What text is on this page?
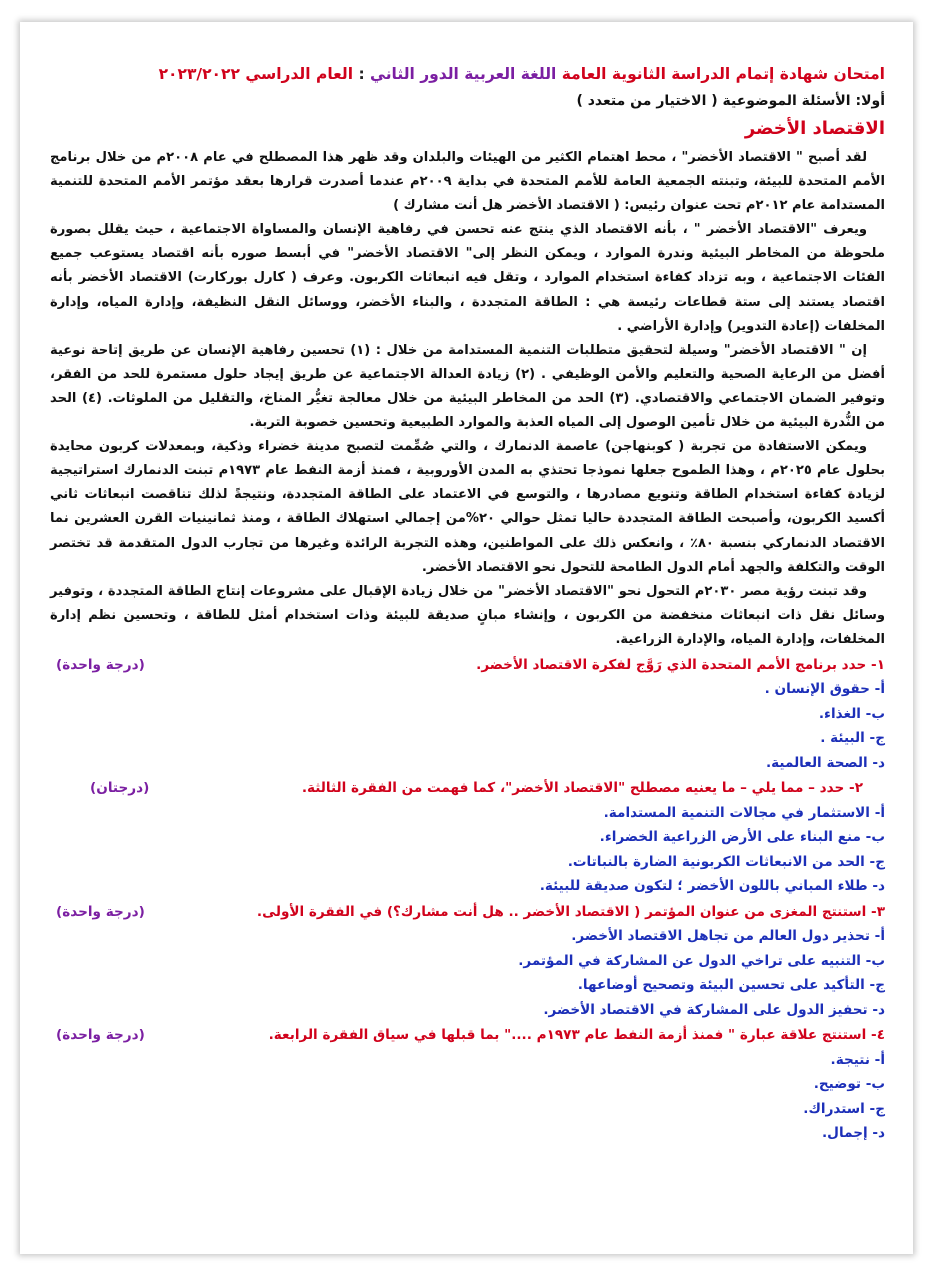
امتحان شهادة إتمام الدراسة الثانوية العامة اللغة العربية الدور الثاني : العام الدراسي ٢٠٢٣/٢٠٢٢
أولا: الأسئلة الموضوعية ( الاختيار من متعدد )
الاقتصاد الأخضر

لقد أصبح " الاقتصاد الأخضر" ، محط اهتمام الكثير من الهيئات والبلدان وقد ظهر هذا المصطلح في عام ٢٠٠٨م من خلال برنامج الأمم المتحدة للبيئة، وتبنته الجمعية العامة للأمم المتحدة في بداية ٢٠٠٩م عندما أصدرت قرارها بعقد مؤتمر الأمم المتحدة للتنمية المستدامة عام ٢٠١٢م تحت عنوان رئيس: ( الاقتصاد الأخضر هل أنت مشارك )

ويعرف "الاقتصاد الأخضر " ، بأنه الاقتصاد الذي ينتج عنه تحسن في رفاهية الإنسان والمساواة الاجتماعية ، حيث يقلل بصورة ملحوظة من المخاطر البيئية وندرة الموارد ، ويمكن النظر إلى" الاقتصاد الأخضر" في أبسط صوره بأنه اقتصاد يستوعب جميع الفئات الاجتماعية ، وبه تزداد كفاءة استخدام الموارد ، وتقل فيه انبعاثات الكربون. وعرف ( كارل بوركارت) الاقتصاد الأخضر بأنه اقتصاد يستند إلى ستة قطاعات رئيسة هي : الطاقة المتجددة ، والبناء الأخضر، ووسائل النقل النظيفة، وإدارة المياه، وإدارة المخلفات (إعادة التدوير) وإدارة الأراضي .

إن " الاقتصاد الأخضر" وسيلة لتحقيق متطلبات التنمية المستدامة من خلال : (١) تحسين رفاهية الإنسان عن طريق إتاحة نوعية أفضل من الرعاية الصحية والتعليم والأمن الوظيفي . (٢) زيادة العدالة الاجتماعية عن طريق إيجاد حلول مستمرة للحد من الفقر، وتوفير الضمان الاجتماعي والاقتصادي. (٣) الحد من المخاطر البيئية من خلال معالجة تغيُّر المناخ، والتقليل من الملوثات. (٤) الحد من النُّدرة البيئية من خلال تأمين الوصول إلى المياه العذبة والموارد الطبيعية وتحسين خصوبة التربة.

ويمكن الاستفادة من تجربة ( كوبنهاجن) عاصمة الدنمارك ، والتي صُمِّمت لتصبح مدينة خضراء وذكية، وبمعدلات كربون محايدة بحلول عام ٢٠٢٥م ، وهذا الطموح جعلها نموذجا تحتذي به المدن الأوروبية ، فمنذ أزمة النفط عام ١٩٧٣م تبنت الدنمارك استراتيجية لزيادة كفاءة استخدام الطاقة وتنويع مصادرها ، والتوسع في الاعتماد على الطاقة المتجددة، ونتيجةً لذلك تناقصت انبعاثات ثاني أكسيد الكربون، وأصبحت الطاقة المتجددة حاليا تمثل حوالي ٢٠%من إجمالي استهلاك الطاقة ، ومنذ ثمانينيات القرن العشرين نما الاقتصاد الدنماركي بنسبة ٨٠٪ ، وانعكس ذلك على المواطنين، وهذه التجربة الرائدة وغيرها من تجارب الدول المتقدمة قد تختصر الوقت والتكلفة والجهد أمام الدول الطامحة للتحول نحو الاقتصاد الأخضر.

وقد تبنت رؤية مصر ٢٠٣٠م التحول نحو "الاقتصاد الأخضر" من خلال زيادة الإقبال على مشروعات إنتاج الطاقة المتجددة ، وتوفير وسائل نقل ذات انبعاثات منخفضة من الكربون ، وإنشاء مبانٍ صديقة للبيئة وذات استخدام أمثل للطاقة ، وتحسين نظم إدارة المخلفات، وإدارة المياه، والإدارة الزراعية.

١- حدد برنامج الأمم المتحدة الذي رَوَّج لفكرة الاقتصاد الأخضر.
(درجة واحدة)
أ- حقوق الإنسان .
ب- الغذاء.
ج- البيئة .
د- الصحة العالمية.
٢- حدد – مما يلي – ما يعنيه مصطلح "الاقتصاد الأخضر"، كما فهمت من الفقرة الثالثة.
(درجتان)
أ- الاستثمار في مجالات التنمية المستدامة.
ب- منع البناء على الأرض الزراعية الخضراء.
ج- الحد من الانبعاثات الكربونية الضارة بالنباتات.
د- طلاء المباني باللون الأخضر ؛ لتكون صديقة للبيئة.
٣- استنتج المغزى من عنوان المؤتمر ( الاقتصاد الأخضر .. هل أنت مشارك؟) في الفقرة الأولى.
(درجة واحدة)
أ- تحذير دول العالم من تجاهل الاقتصاد الأخضر.
ب- التنبيه على تراخي الدول عن المشاركة في المؤتمر.
ج- التأكيد على تحسين البيئة وتصحيح أوضاعها.
د- تحفيز الدول على المشاركة في الاقتصاد الأخضر.
٤- استنتج علاقة عبارة " فمنذ أزمة النفط عام ١٩٧٣م ...." بما قبلها في سياق الفقرة الرابعة.
(درجة واحدة)
أ- نتيجة.
ب- توضيح.
ج- استدراك.
د- إجمال.
